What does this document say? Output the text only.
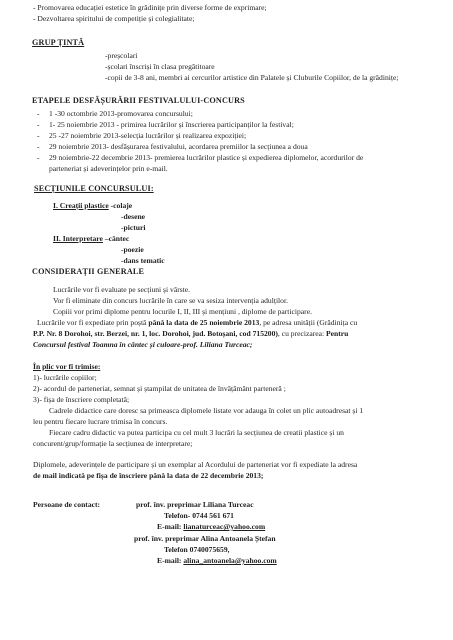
- Promovarea educației estetice în grădinițe prin diverse forme de exprimare;
- Dezvoltarea spiritului de competiție și colegialitate;
GRUP ȚINTĂ
-preșcolari
-școlari înscriși în clasa pregătitoare
-copii de 3-8 ani, membri ai cercurilor artistice din Palatele și Cluburile Copiilor, de la grădinițe;
ETAPELE DESFĂȘURĂRII FESTIVALULUI-CONCURS
- 1 -30 octombrie 2013-promovarea concursului;
- 1- 25 noiembrie 2013 - primirea lucrărilor și înscrierea participanților la festival;
- 25 -27 noiembrie 2013-selecția lucrărilor și realizarea expoziției;
- 29 noiembrie 2013- desfășurarea festivalului, acordarea premiilor la secțiunea a doua
- 29 noiembrie-22 decembrie 2013- premierea lucrărilor plastice și expedierea diplomelor, acordurilor de
parteneriat și adeverințelor prin e-mail.
SECȚIUNILE CONCURSULUI:
I. Creații plastice -colaje
-desene
-picturi
II. Interpretare –cântec
-poezie
-dans tematic
CONSIDERAȚII GENERALE
Lucrările vor fi evaluate pe secțiuni și vârste.
Vor fi eliminate din concurs lucrările în care se va sesiza intervenția adulților.
Copiii vor primi diplome pentru locurile I, II, III și mențiuni , diplome de participare.
Lucrările vor fi expediate prin poștă până la data de 25 noiembrie 2013, pe adresa unității (Grădinița cu
P.P. Nr. 8 Dorohoi, str. Berzei, nr. 1, loc. Dorohoi, jud. Botoșani, cod 715200), cu precizarea: Pentru
Concursul festival Toamna în cântec și culoare-prof. Liliana Turceac;
În plic vor fi trimise:
1)- lucrările copiilor;
2)- acordul de parteneriat, semnat și ștampilat de unitatea de învățământ parteneră ;
3)- fișa de înscriere completată;
Cadrele didactice care doresc sa primeasca diplomele listate vor adauga în colet un plic autoadresat și 1
leu pentru fiecare lucrare trimisa în concurs.
Fiecare cadru didactic va putea participa cu cel mult 3 lucrări la secțiunea de creatii plastice și un
concurent/grup/formație la secțiunea de interpretare;
Diplomele, adeverințele de participare și un exemplar al Acordului de parteneriat vor fi expediate la adresa
de mail indicată pe fișa de înscriere până la data de 22 decembrie 2013;
Persoane de contact:	prof. înv. preprimar Liliana Turceac
Telefon- 0744 561 671
E-mail: lianaturceac@yahoo.com
prof. înv. preprimar Alina Antoanela Ștefan
Telefon 0740075659,
E-mail: alina_antoanela@yahoo.com
